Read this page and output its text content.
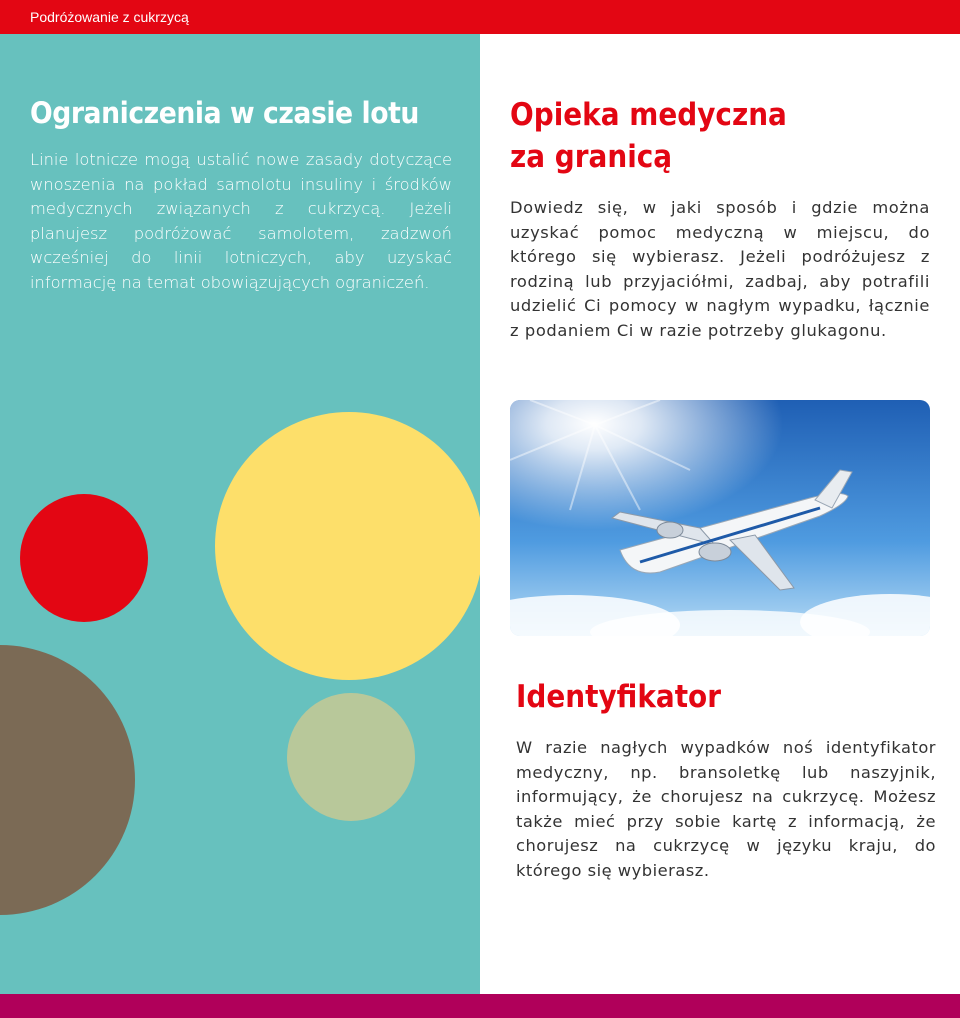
Podróżowanie z cukrzycą
Ograniczenia w czasie lotu

Linie lotnicze mogą ustalić nowe zasady dotyczące wnoszenia na pokład samolotu insuliny i środków medycznych związanych z cukrzycą. Jeżeli planujesz podróżować samolotem, zadzwoń wcześniej do linii lotniczych, aby uzyskać informację na temat obowiązujących ograniczeń.

Opieka medyczna
za granicą

Dowiedz się, w jaki sposób i gdzie można uzyskać pomoc medyczną w miejscu, do którego się wybierasz. Jeżeli podróżujesz z rodziną lub przyjaciółmi, zadbaj, aby potrafili udzielić Ci pomocy w nagłym wypadku, łącznie z podaniem Ci w razie potrzeby glukagonu.

Identyfikator

W razie nagłych wypadków noś identyfikator medyczny, np. bransoletkę lub naszyjnik, informujący, że chorujesz na cukrzycę. Możesz także mieć przy sobie kartę z informacją, że chorujesz na cukrzycę w języku kraju, do którego się wybierasz.
